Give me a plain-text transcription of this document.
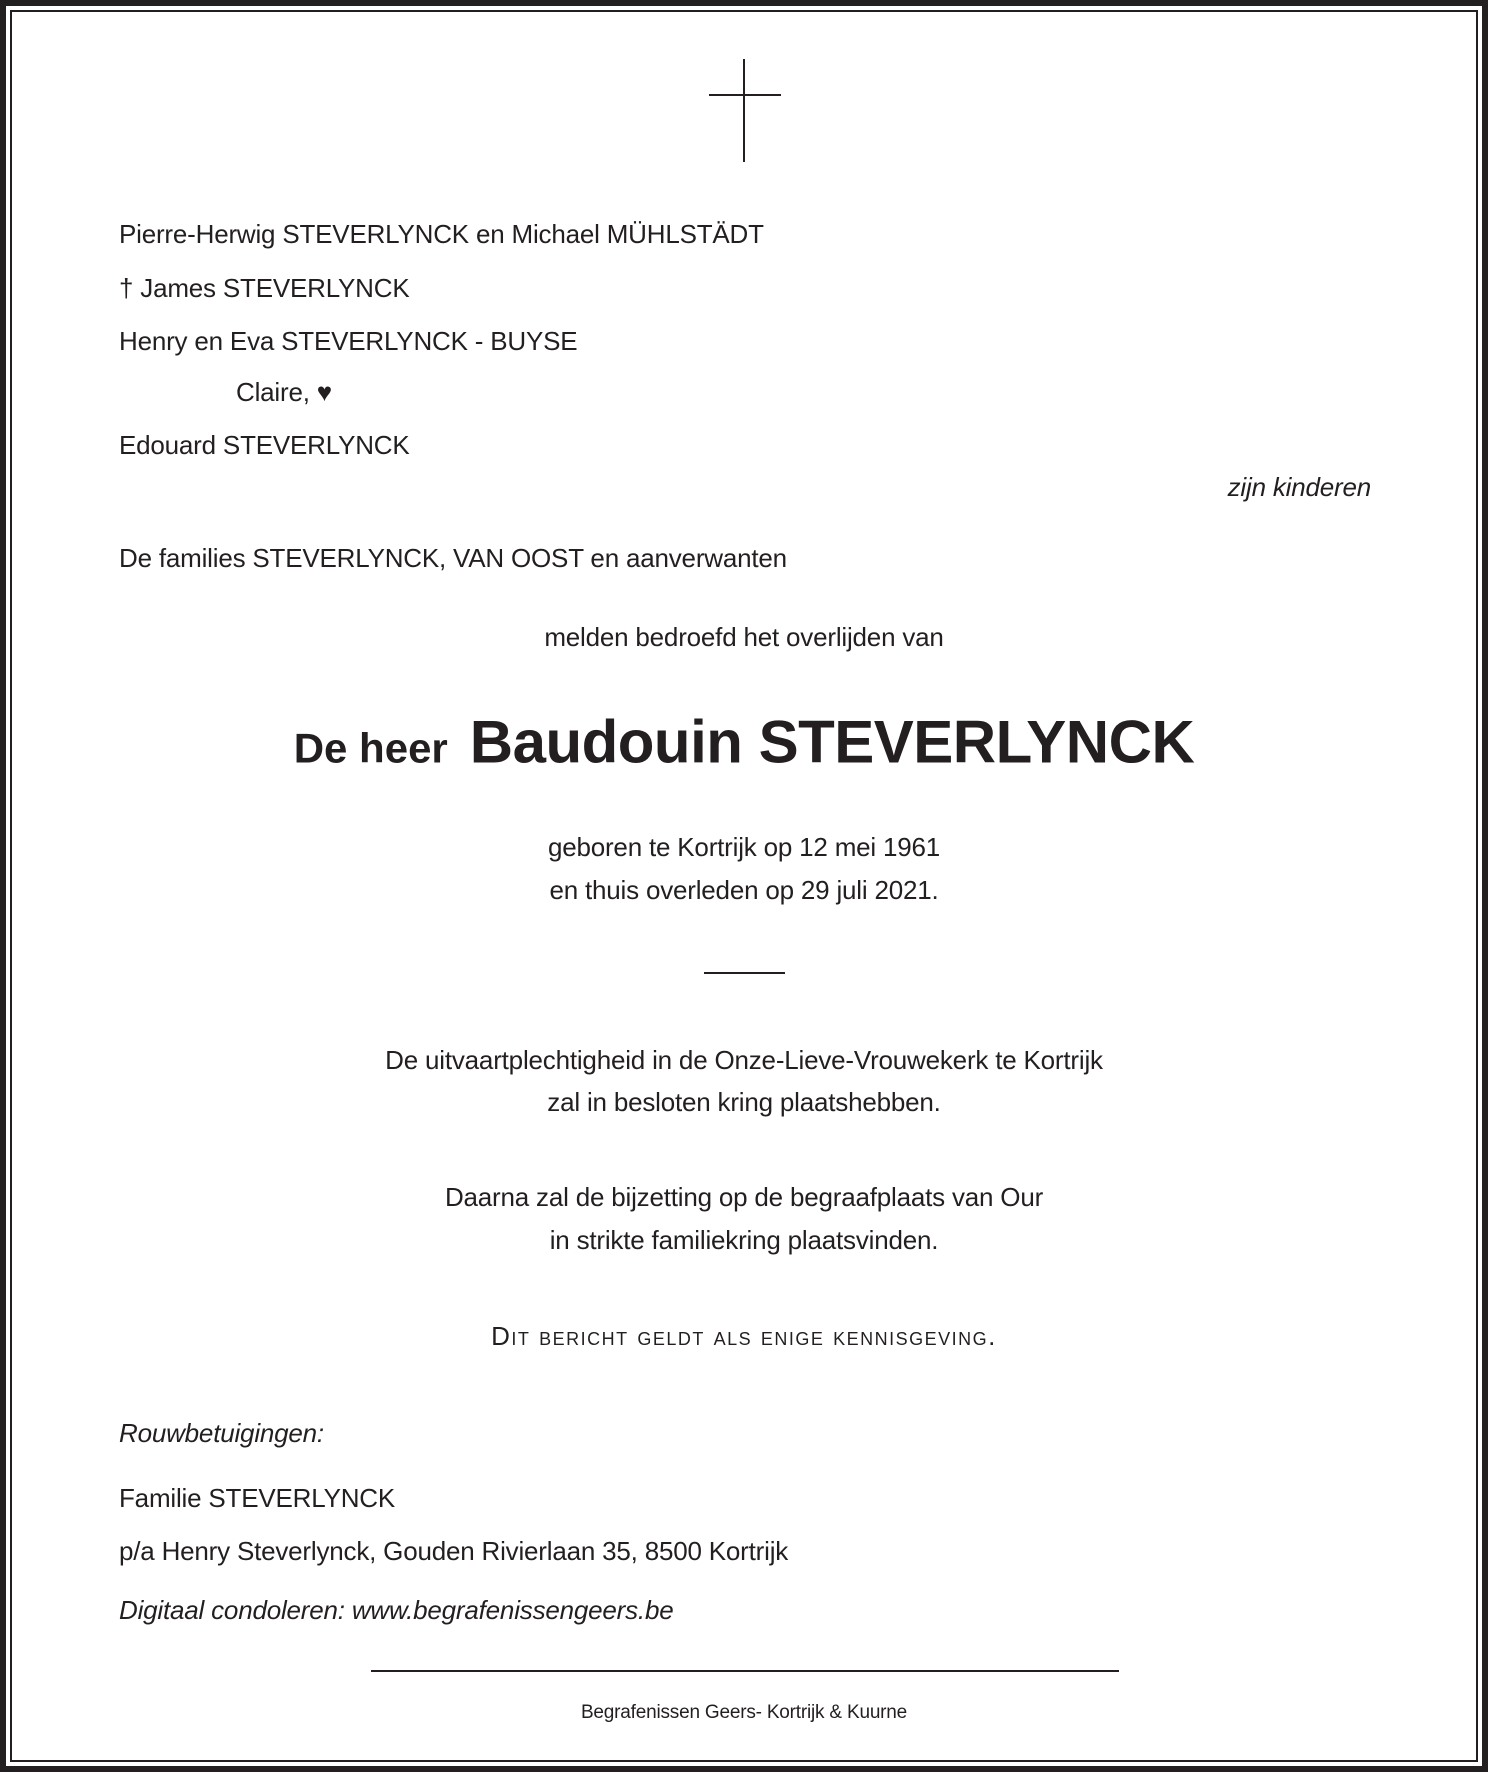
Pierre-Herwig STEVERLYNCK en Michael MÜHLSTÄDT
† James STEVERLYNCK
Henry en Eva STEVERLYNCK - BUYSE
Claire, ♥
Edouard STEVERLYNCK
zijn kinderen
De families STEVERLYNCK, VAN OOST en aanverwanten
melden bedroefd het overlijden van
De heer Baudouin STEVERLYNCK
geboren te Kortrijk op 12 mei 1961
en thuis overleden op 29 juli 2021.
De uitvaartplechtigheid in de Onze-Lieve-Vrouwekerk te Kortrijk
zal in besloten kring plaatshebben.
Daarna zal de bijzetting op de begraafplaats van Our
in strikte familiekring plaatsvinden.
Dit bericht geldt als enige kennisgeving.
Rouwbetuigingen:
Familie STEVERLYNCK
p/a Henry Steverlynck, Gouden Rivierlaan 35, 8500 Kortrijk
Digitaal condoleren: www.begrafenissengeers.be
Begrafenissen Geers- Kortrijk & Kuurne
